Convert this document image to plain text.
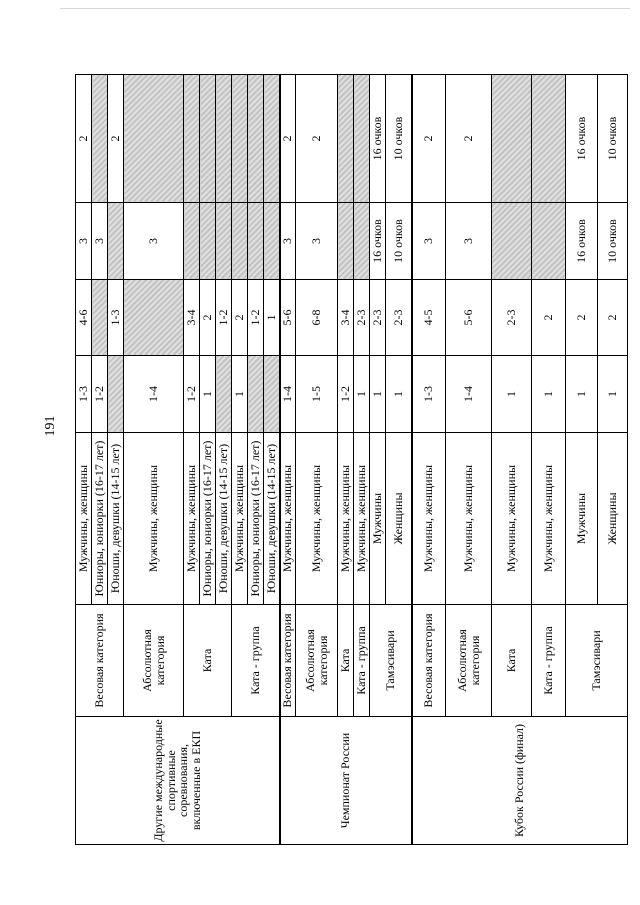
191
Другие международные спортивные соревнования, включенные в ЕКП	Весовая категория	Мужчины, женщины	1-3	4-6	3	2
		Юниоры, юниорки (16-17 лет)	1-2		3	
		Юноши, девушки (14-15 лет)		1-3		2
	Абсолютная категория	Мужчины, женщины	1-4		3	
	Ката	Мужчины, женщины	1-2	3-4		
		Юниоры, юниорки (16-17 лет)	1	2		
		Юноши, девушки (14-15 лет)		1-2		
	Ката - группа	Мужчины, женщины	1	2		
		Юниоры, юниорки (16-17 лет)		1-2		
		Юноши, девушки (14-15 лет)		1		
Чемпионат России	Весовая категория	Мужчины, женщины	1-4	5-6	3	2
	Абсолютная категория	Мужчины, женщины	1-5	6-8	3	2
	Ката	Мужчины, женщины	1-2	3-4		
	Ката - группа	Мужчины, женщины	1	2-3		
	Тамэсивари	Мужчины	1	2-3	16 очков	16 очков
		Женщины	1	2-3	10 очков	10 очков
Кубок России (финал)	Весовая категория	Мужчины, женщины	1-3	4-5	3	2
	Абсолютная категория	Мужчины, женщины	1-4	5-6	3	2
	Ката	Мужчины, женщины	1	2-3		
	Ката - группа	Мужчины, женщины	1	2		
	Тамэсивари	Мужчины	1	2	16 очков	16 очков
		Женщины	1	2	10 очков	10 очков
